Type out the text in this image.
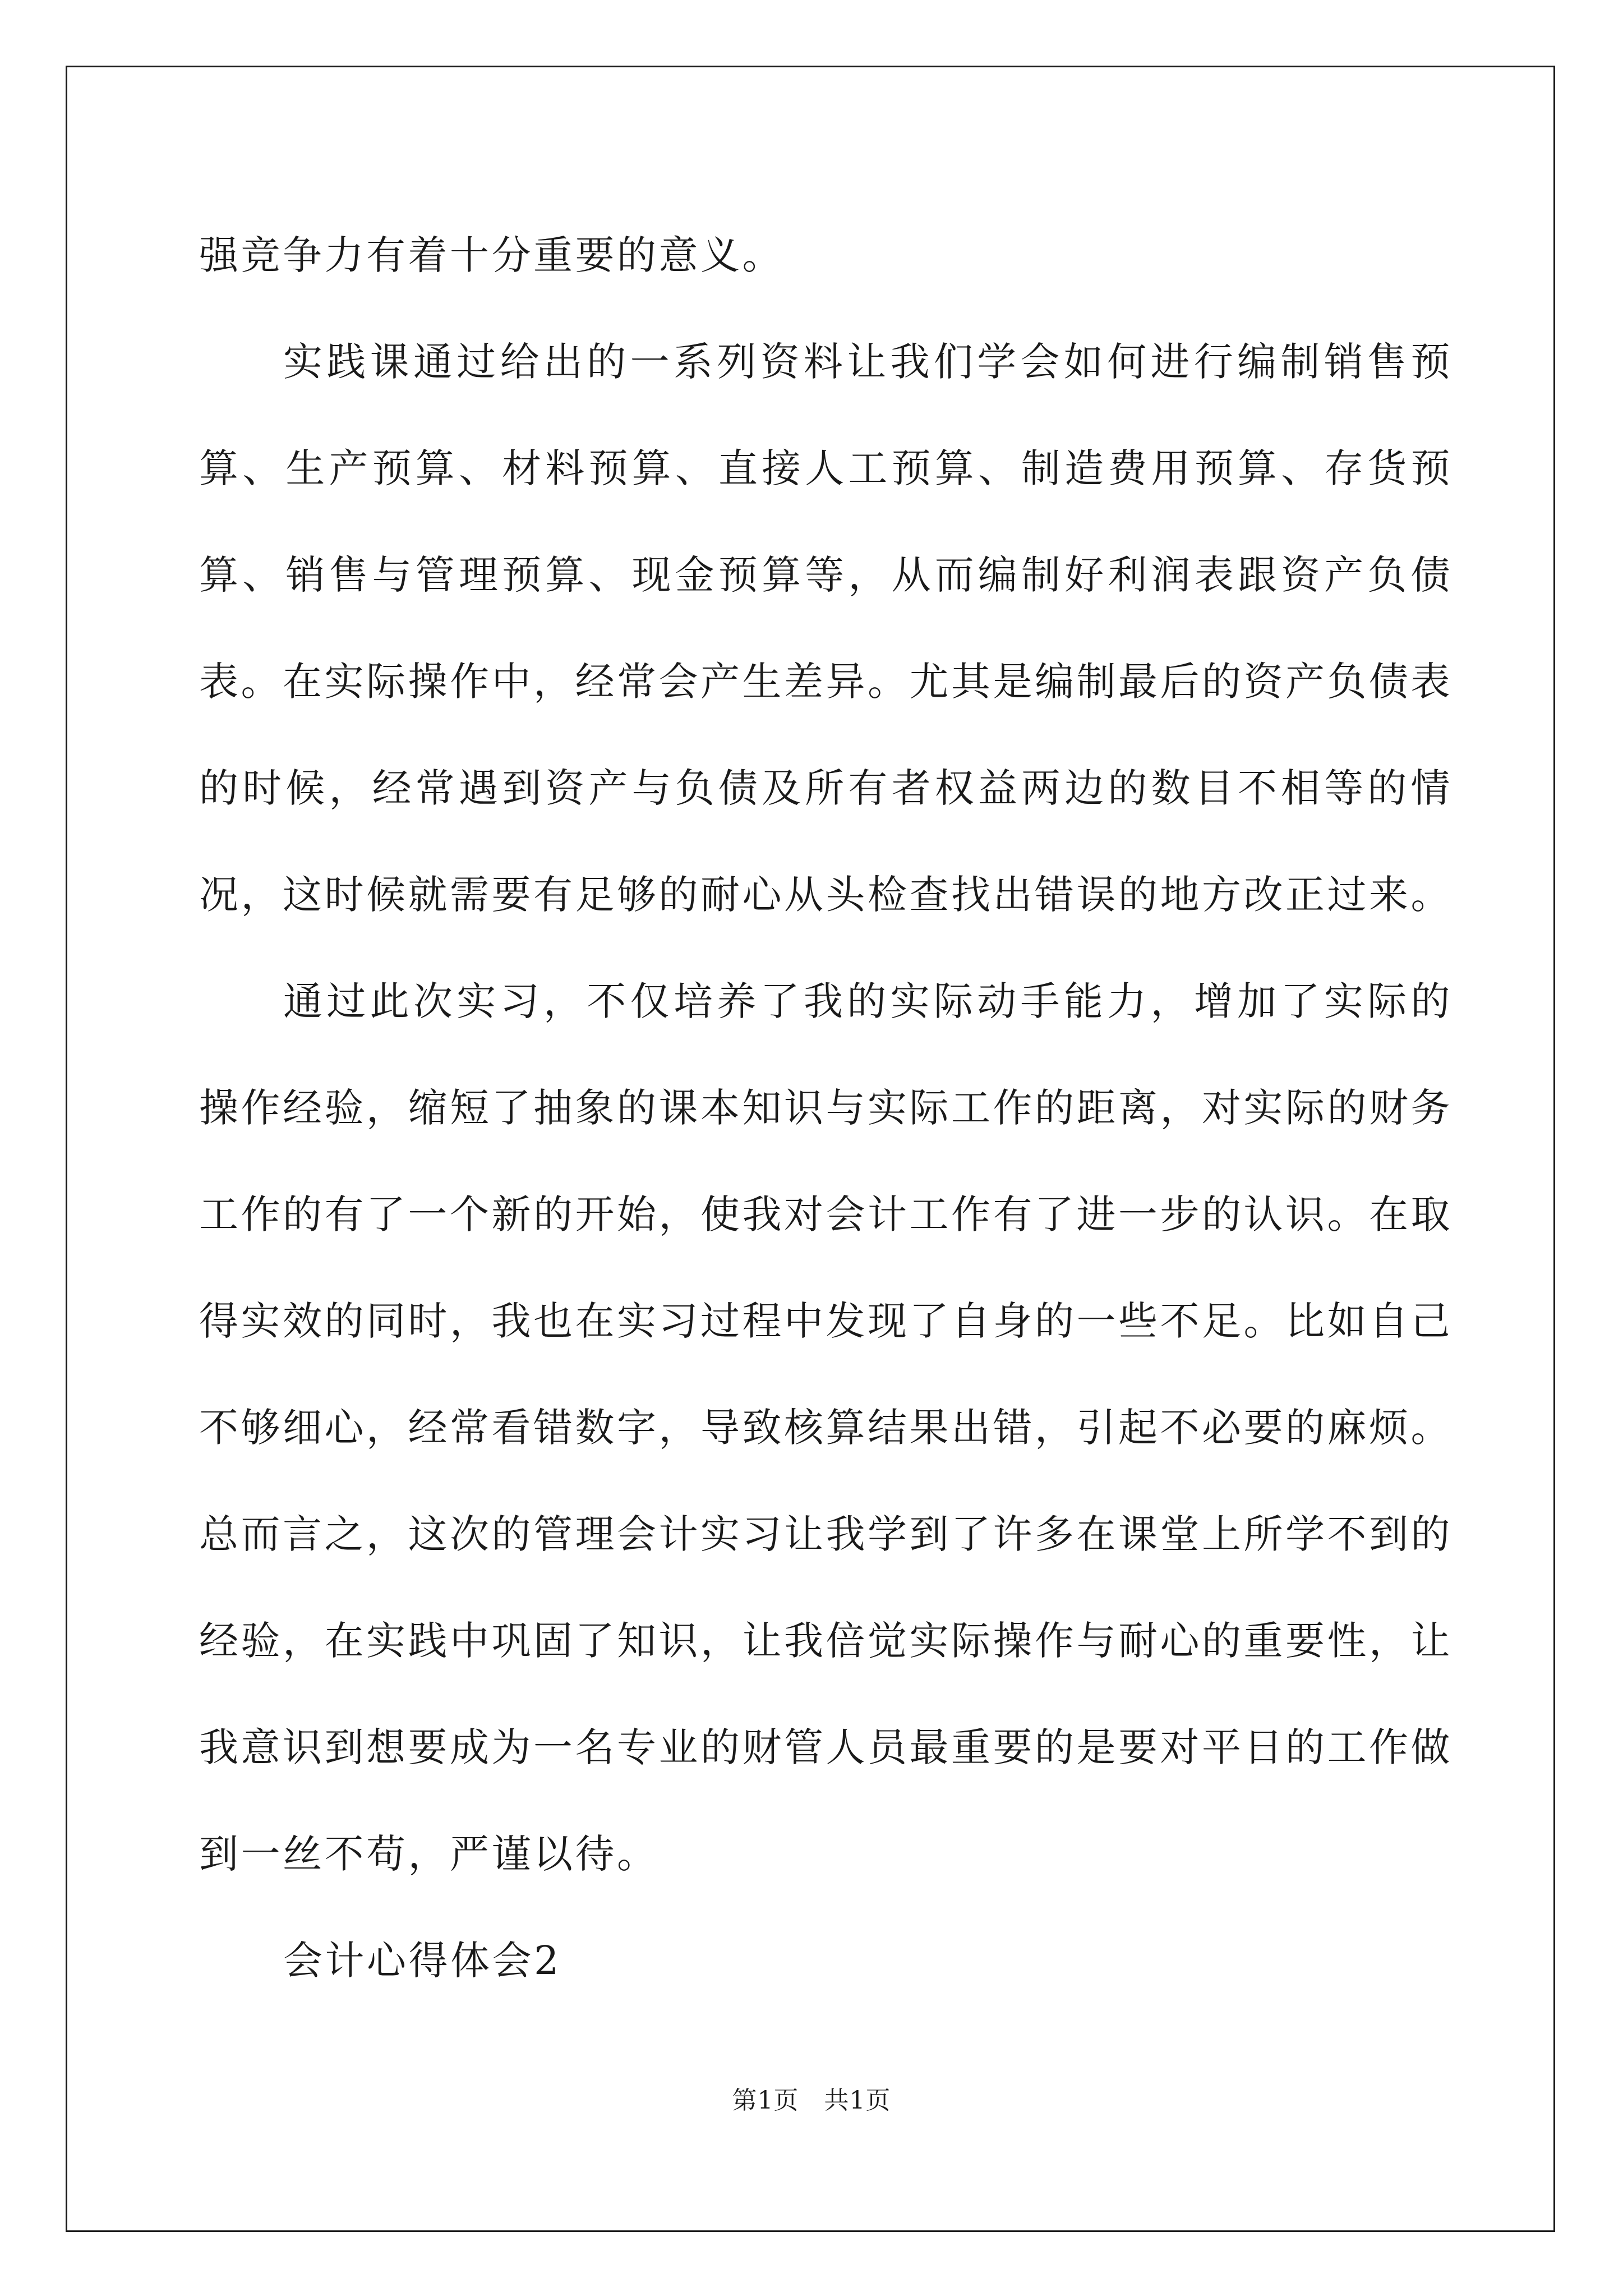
强竞争力有着十分重要的意义。

实践课通过给出的一系列资料让我们学会如何进行编制销售预算、生产预算、材料预算、直接人工预算、制造费用预算、存货预算、销售与管理预算、现金预算等，从而编制好利润表跟资产负债表。在实际操作中，经常会产生差异。尤其是编制最后的资产负债表的时候，经常遇到资产与负债及所有者权益两边的数目不相等的情况，这时候就需要有足够的耐心从头检查找出错误的地方改正过来。

通过此次实习，不仅培养了我的实际动手能力，增加了实际的操作经验，缩短了抽象的课本知识与实际工作的距离，对实际的财务工作的有了一个新的开始，使我对会计工作有了进一步的认识。在取得实效的同时，我也在实习过程中发现了自身的一些不足。比如自己不够细心，经常看错数字，导致核算结果出错，引起不必要的麻烦。总而言之，这次的管理会计实习让我学到了许多在课堂上所学不到的经验，在实践中巩固了知识，让我倍觉实际操作与耐心的重要性，让我意识到想要成为一名专业的财管人员最重要的是要对平日的工作做到一丝不苟，严谨以待。

会计心得体会2

第1页　共1页
